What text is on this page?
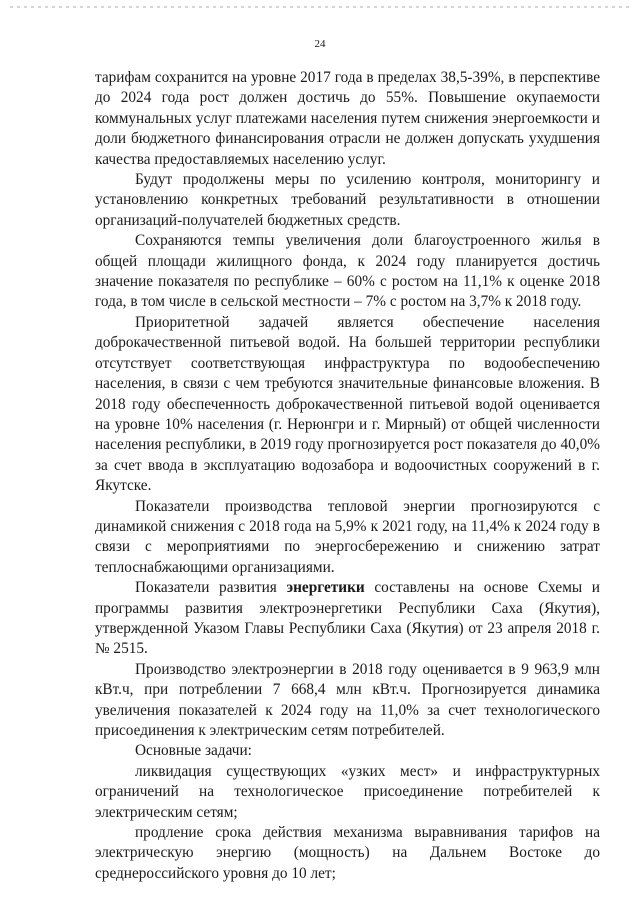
24

тарифам сохранится на уровне 2017 года в пределах 38,5-39%, в перспективе до 2024 года рост должен достичь до 55%. Повышение окупаемости коммунальных услуг платежами населения путем снижения энергоемкости и доли бюджетного финансирования отрасли не должен допускать ухудшения качества предоставляемых населению услуг.

Будут продолжены меры по усилению контроля, мониторингу и установлению конкретных требований результативности в отношении организаций-получателей бюджетных средств.

Сохраняются темпы увеличения доли благоустроенного жилья в общей площади жилищного фонда, к 2024 году планируется достичь значение показателя по республике – 60% с ростом на 11,1% к оценке 2018 года, в том числе в сельской местности – 7% с ростом на 3,7% к 2018 году.

Приоритетной задачей является обеспечение населения доброкачественной питьевой водой. На большей территории республики отсутствует соответствующая инфраструктура по водообеспечению населения, в связи с чем требуются значительные финансовые вложения. В 2018 году обеспеченность доброкачественной питьевой водой оценивается на уровне 10% населения (г. Нерюнгри и г. Мирный) от общей численности населения республики, в 2019 году прогнозируется рост показателя до 40,0% за счет ввода в эксплуатацию водозабора и водоочистных сооружений в г. Якутске.

Показатели производства тепловой энергии прогнозируются с динамикой снижения с 2018 года на 5,9% к 2021 году, на 11,4% к 2024 году в связи с мероприятиями по энергосбережению и снижению затрат теплоснабжающими организациями.

Показатели развития энергетики составлены на основе Схемы и программы развития электроэнергетики Республики Саха (Якутия), утвержденной Указом Главы Республики Саха (Якутия) от 23 апреля 2018 г. № 2515.

Производство электроэнергии в 2018 году оценивается в 9 963,9 млн кВт.ч, при потреблении 7 668,4 млн кВт.ч. Прогнозируется динамика увеличения показателей к 2024 году на 11,0% за счет технологического присоединения к электрическим сетям потребителей.

Основные задачи:

ликвидация существующих «узких мест» и инфраструктурных ограничений на технологическое присоединение потребителей к электрическим сетям;

продление срока действия механизма выравнивания тарифов на электрическую энергию (мощность) на Дальнем Востоке до среднероссийского уровня до 10 лет;
